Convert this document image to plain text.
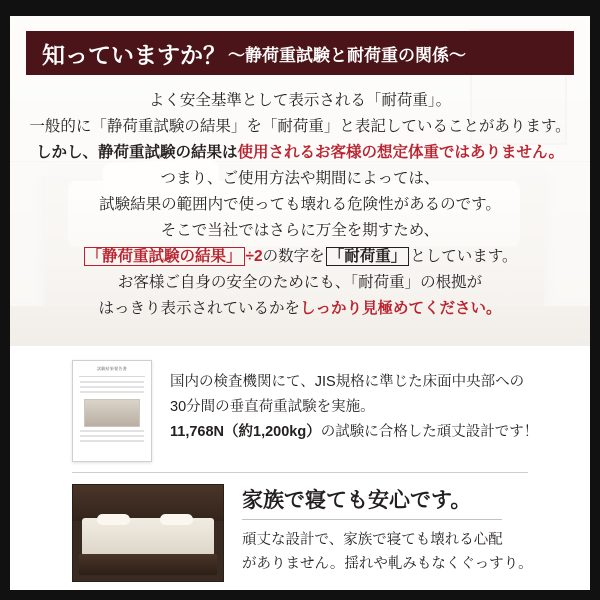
知っていますか？ ～静荷重試験と耐荷重の関係～
よく安全基準として表示される「耐荷重」。
一般的に「静荷重試験の結果」を「耐荷重」と表記していることがあります。
しかし、静荷重試験の結果は使用されるお客様の想定体重ではありません。
つまり、ご使用方法や期間によっては、
試験結果の範囲内で使っても壊れる危険性があるのです。
そこで当社ではさらに万全を期すため、
「静荷重試験の結果」 ÷2の数字を 「耐荷重」 としています。
お客様ご自身の安全のためにも、「耐荷重」の根拠が
はっきり表示されているかをしっかり見極めてください。
試験結果報告書
国内の検査機関にて、JIS規格に準じた床面中央部への
30分間の垂直荷重試験を実施。
11,768N（約1,200kg）の試験に合格した頑丈設計です！
家族で寝ても安心です。
頑丈な設計で、家族で寝ても壊れる心配
がありません。揺れや軋みもなくぐっすり。
